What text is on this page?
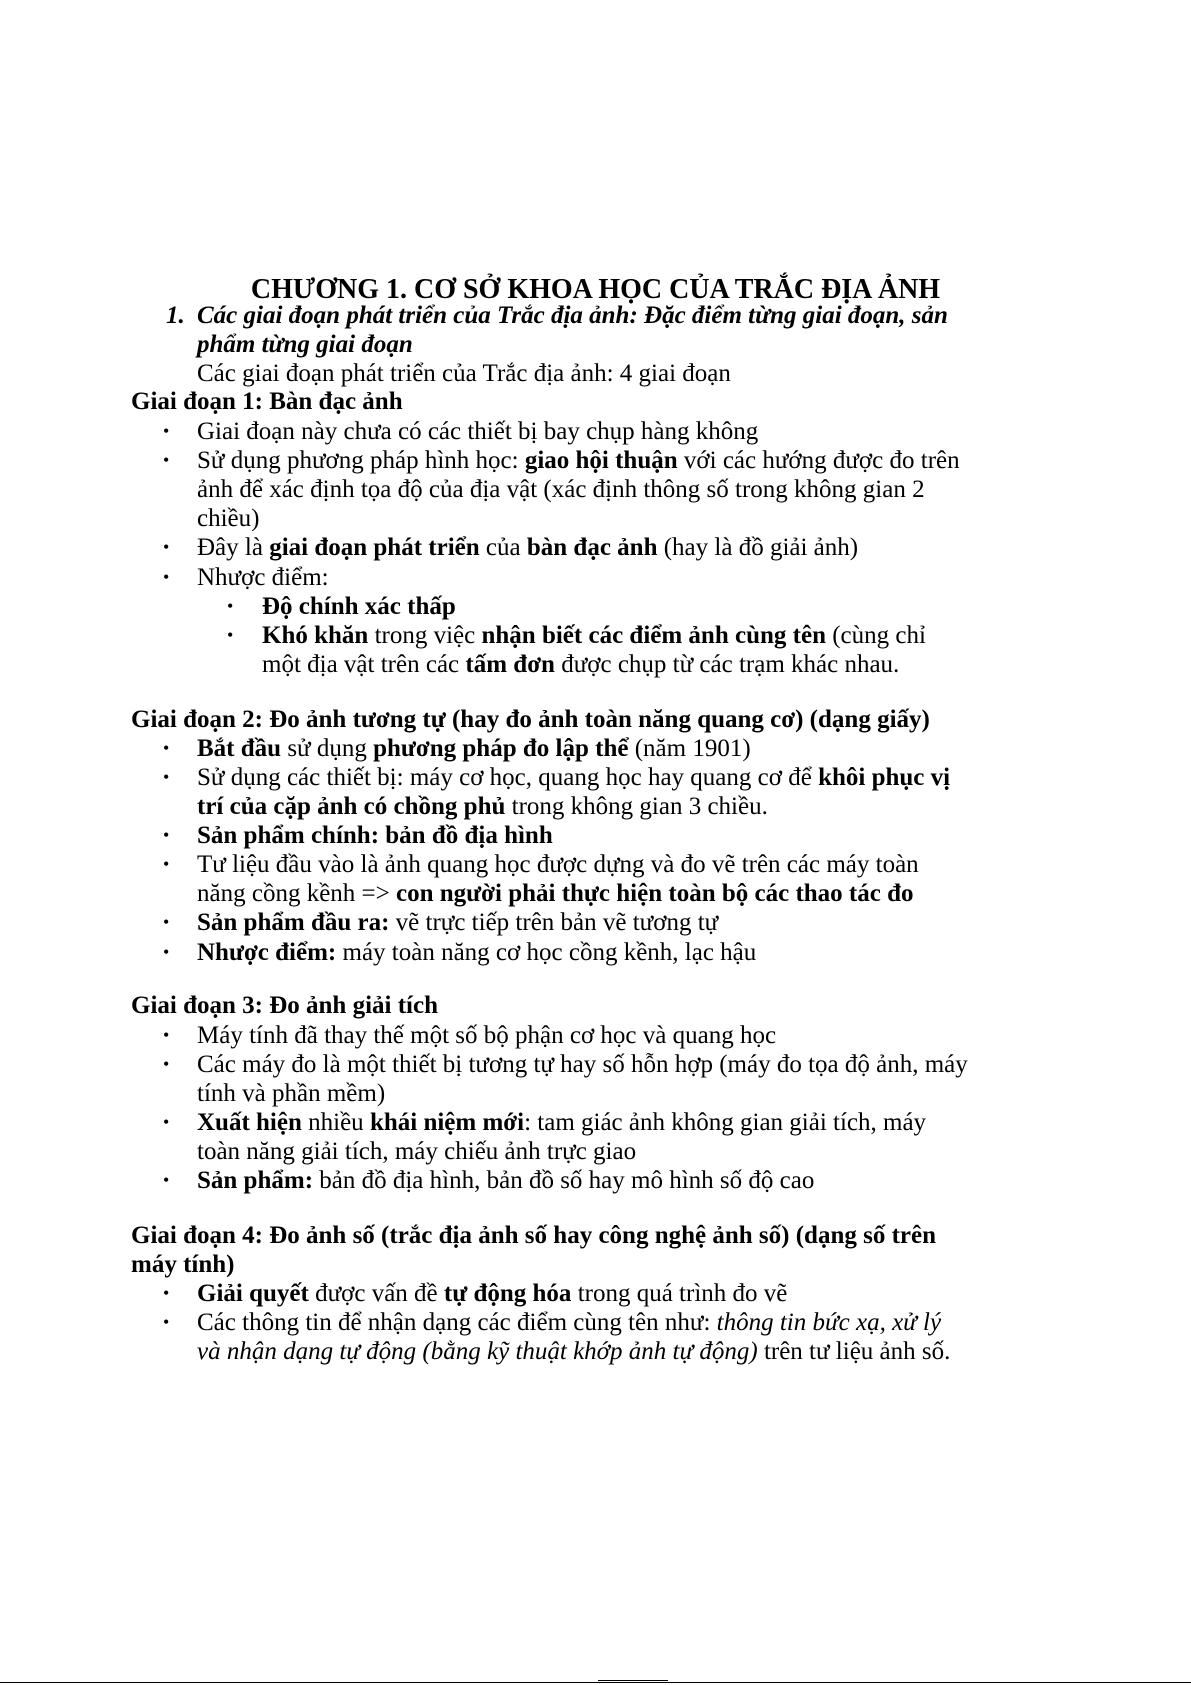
CHƯƠNG 1. CƠ SỞ KHOA HỌC CỦA TRẮC ĐỊA ẢNH
1. Các giai đoạn phát triển của Trắc địa ảnh: Đặc điểm từng giai đoạn, sản
phẩm từng giai đoạn
Các giai đoạn phát triển của Trắc địa ảnh: 4 giai đoạn
Giai đoạn 1: Bàn đạc ảnh
• Giai đoạn này chưa có các thiết bị bay chụp hàng không
• Sử dụng phương pháp hình học: giao hội thuận với các hướng được đo trên
ảnh để xác định tọa độ của địa vật (xác định thông số trong không gian 2
chiều)
• Đây là giai đoạn phát triển của bàn đạc ảnh (hay là đồ giải ảnh)
• Nhược điểm:
• Độ chính xác thấp
• Khó khăn trong việc nhận biết các điểm ảnh cùng tên (cùng chỉ
một địa vật trên các tấm đơn được chụp từ các trạm khác nhau.
Giai đoạn 2: Đo ảnh tương tự (hay đo ảnh toàn năng quang cơ) (dạng giấy)
• Bắt đầu sử dụng phương pháp đo lập thể (năm 1901)
• Sử dụng các thiết bị: máy cơ học, quang học hay quang cơ để khôi phục vị
trí của cặp ảnh có chồng phủ trong không gian 3 chiều.
• Sản phẩm chính: bản đồ địa hình
• Tư liệu đầu vào là ảnh quang học được dựng và đo vẽ trên các máy toàn
năng cồng kềnh => con người phải thực hiện toàn bộ các thao tác đo
• Sản phẩm đầu ra: vẽ trực tiếp trên bản vẽ tương tự
• Nhược điểm: máy toàn năng cơ học cồng kềnh, lạc hậu
Giai đoạn 3: Đo ảnh giải tích
• Máy tính đã thay thế một số bộ phận cơ học và quang học
• Các máy đo là một thiết bị tương tự hay số hỗn hợp (máy đo tọa độ ảnh, máy
tính và phần mềm)
• Xuất hiện nhiều khái niệm mới: tam giác ảnh không gian giải tích, máy
toàn năng giải tích, máy chiếu ảnh trực giao
• Sản phẩm: bản đồ địa hình, bản đồ số hay mô hình số độ cao
Giai đoạn 4: Đo ảnh số (trắc địa ảnh số hay công nghệ ảnh số) (dạng số trên
máy tính)
• Giải quyết được vấn đề tự động hóa trong quá trình đo vẽ
• Các thông tin để nhận dạng các điểm cùng tên như: thông tin bức xạ, xử lý
và nhận dạng tự động (bằng kỹ thuật khớp ảnh tự động) trên tư liệu ảnh số.
